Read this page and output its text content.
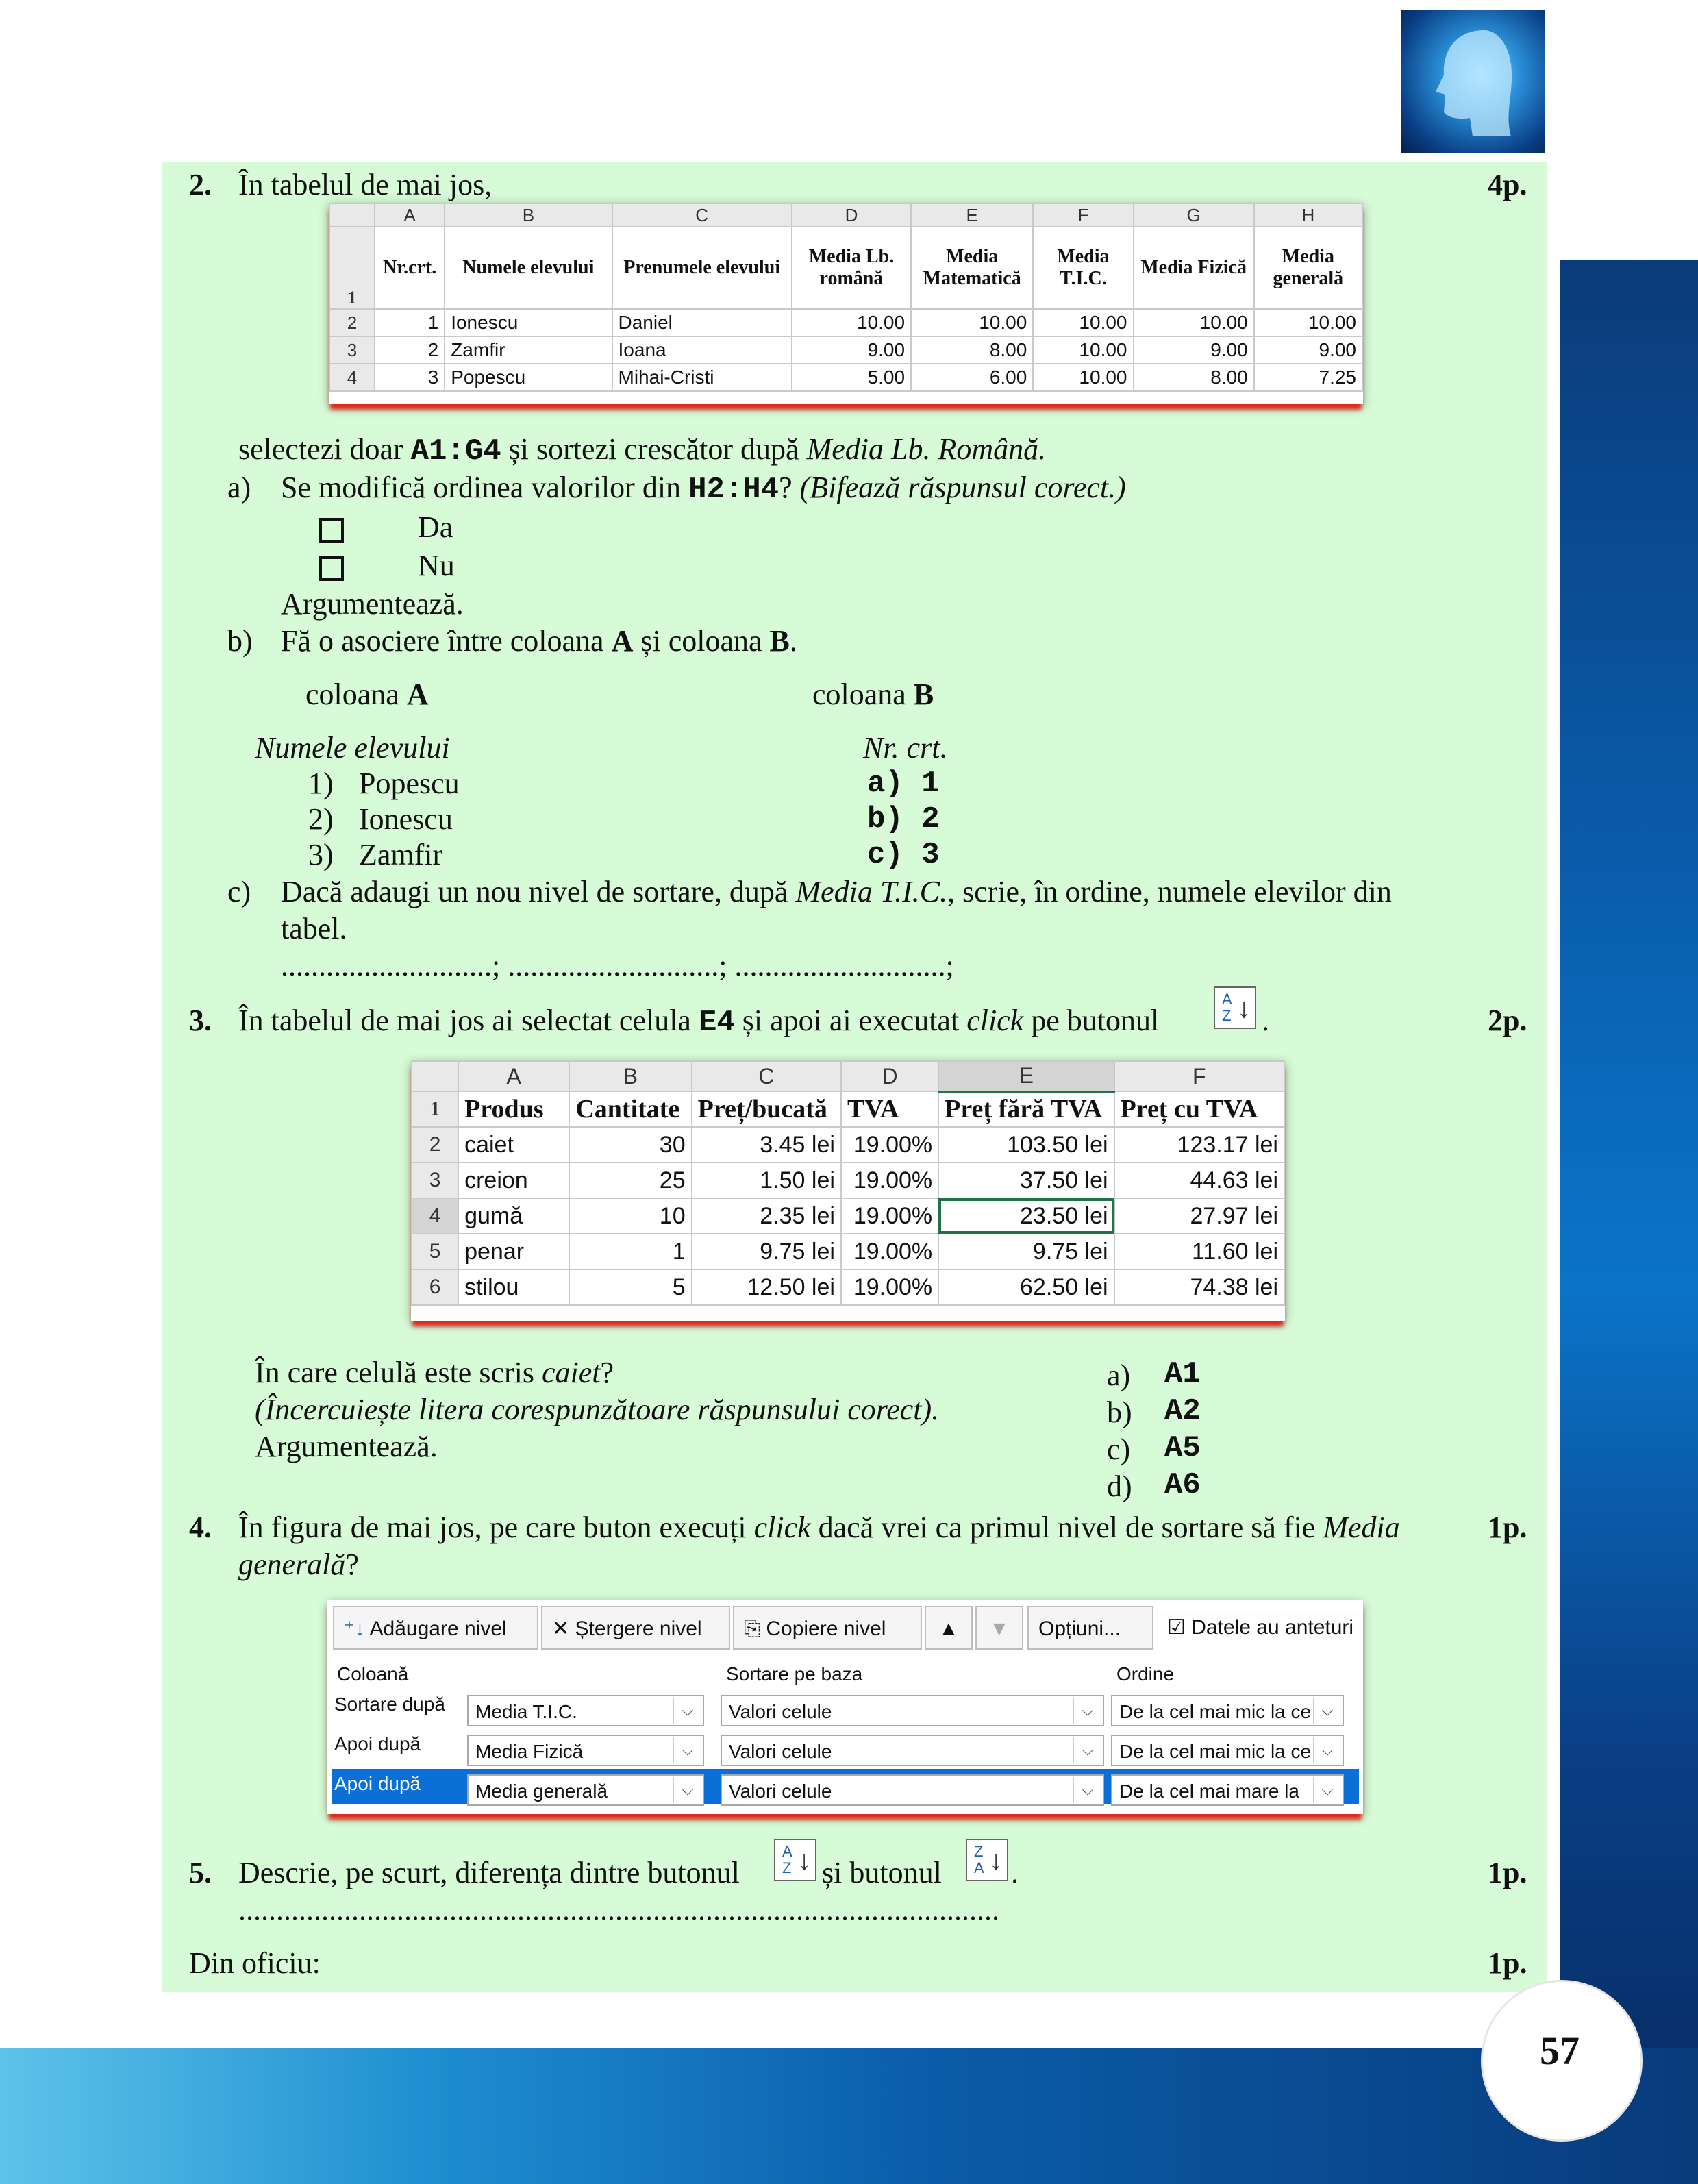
2. În tabelul de mai jos,	4p.
	A	B	C	D	E	F	G	H
1	Nr.crt.	Numele elevului	Prenumele elevului	Media Lb. română	Media Matematică	Media T.I.C.	Media Fizică	Media generală
2	1	Ionescu	Daniel	10.00	10.00	10.00	10.00	10.00
3	2	Zamfir	Ioana	9.00	8.00	10.00	9.00	9.00
4	3	Popescu	Mihai-Cristi	5.00	6.00	10.00	8.00	7.25
selectezi doar A1:G4 și sortezi crescător după Media Lb. Română.
a) Se modifică ordinea valorilor din H2:H4? (Bifează răspunsul corect.)
Da
Nu
Argumentează.
b) Fă o asociere între coloana A și coloana B.
coloana A	coloana B
Numele elevului
1) Popescu
2) Ionescu
3) Zamfir
Nr. crt.
a) 1
b) 2
c) 3
c) Dacă adaugi un nou nivel de sortare, după Media T.I.C., scrie, în ordine, numele elevilor din
tabel.
............................; ............................; ............................;
3. În tabelul de mai jos ai selectat celula E4 și apoi ai executat click pe butonul
A
Z ↓ .	2p.
	A	B	C	D	E	F
1	Produs	Cantitate	Preț/bucată	TVA	Preț fără TVA	Preț cu TVA
2	caiet	30	3.45 lei	19.00%	103.50 lei	123.17 lei
3	creion	25	1.50 lei	19.00%	37.50 lei	44.63 lei
4	gumă	10	2.35 lei	19.00%	23.50 lei	27.97 lei
5	penar	1	9.75 lei	19.00%	9.75 lei	11.60 lei
6	stilou	5	12.50 lei	19.00%	62.50 lei	74.38 lei
În care celulă este scris caiet?
(Încercuiește litera corespunzătoare răspunsului corect).
Argumentează.
a) A1
b) A2
c) A5
d) A6
4. În figura de mai jos, pe care buton execuți click dacă vrei ca primul nivel de sortare să fie Media
generală?
1p.
⁺↓ Adăugare nivel	✕ Ștergere nivel	⎘ Copiere nivel	▲	▼	Opțiuni...	☑ Datele au anteturi
Coloană	Sortare pe baza	Ordine
Sortare după	Media T.I.C.	⌵	Valori celule	⌵	De la cel mai mic la ce ⌵
Apoi după	Media Fizică	⌵	Valori celule	⌵	De la cel mai mic la ce ⌵
Apoi după	Media generală	⌵	Valori celule	⌵	De la cel mai mare la	⌵
5. Descrie, pe scurt, diferența dintre butonul
A
Z ↓ și butonul
Z
A ↓ .	1p.
.....................................................................................................
Din oficiu:	1p.
57
